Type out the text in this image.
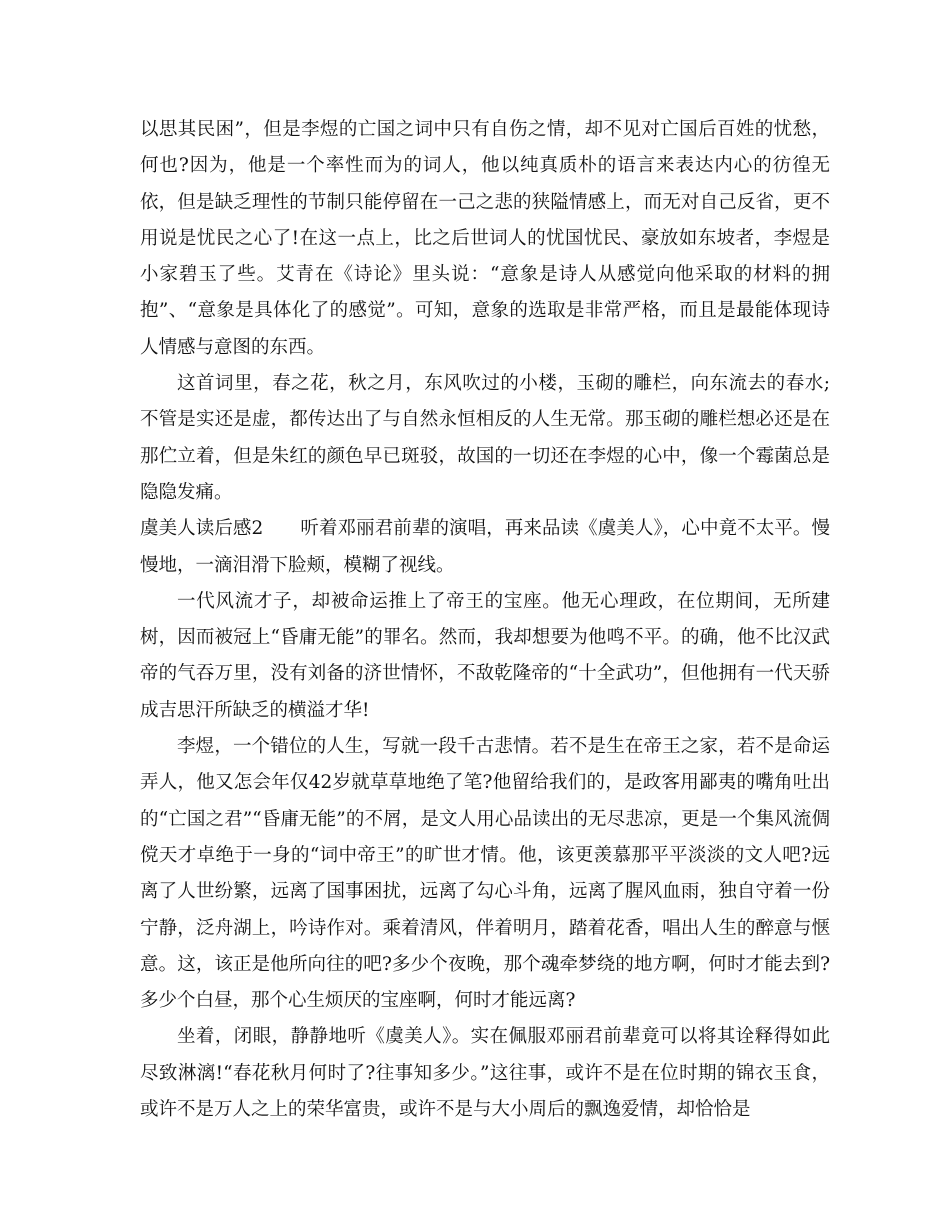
以思其民困”，但是李煜的亡国之词中只有自伤之情，却不见对亡国后百姓的忧愁，何也?因为，他是一个率性而为的词人，他以纯真质朴的语言来表达内心的彷徨无依，但是缺乏理性的节制只能停留在一己之悲的狭隘情感上，而无对自己反省，更不用说是忧民之心了!在这一点上，比之后世词人的忧国忧民、豪放如东坡者，李煜是小家碧玉了些。艾青在《诗论》里头说：“意象是诗人从感觉向他采取的材料的拥抱”、“意象是具体化了的感觉”。可知，意象的选取是非常严格，而且是最能体现诗人情感与意图的东西。

这首词里，春之花，秋之月，东风吹过的小楼，玉砌的雕栏，向东流去的春水;不管是实还是虚，都传达出了与自然永恒相反的人生无常。那玉砌的雕栏想必还是在那伫立着，但是朱红的颜色早已斑驳，故国的一切还在李煜的心中，像一个霉菌总是隐隐发痛。

虞美人读后感2 听着邓丽君前辈的演唱，再来品读《虞美人》，心中竟不太平。慢慢地，一滴泪滑下脸颊，模糊了视线。

一代风流才子，却被命运推上了帝王的宝座。他无心理政，在位期间，无所建树，因而被冠上“昏庸无能”的罪名。然而，我却想要为他鸣不平。的确，他不比汉武帝的气吞万里，没有刘备的济世情怀，不敌乾隆帝的“十全武功”，但他拥有一代天骄成吉思汗所缺乏的横溢才华!

李煜，一个错位的人生，写就一段千古悲情。若不是生在帝王之家，若不是命运弄人，他又怎会年仅42岁就草草地绝了笔?他留给我们的，是政客用鄙夷的嘴角吐出的“亡国之君”“昏庸无能”的不屑，是文人用心品读出的无尽悲凉，更是一个集风流倜傥天才卓绝于一身的“词中帝王”的旷世才情。他，该更羡慕那平平淡淡的文人吧?远离了人世纷繁，远离了国事困扰，远离了勾心斗角，远离了腥风血雨，独自守着一份宁静，泛舟湖上，吟诗作对。乘着清风，伴着明月，踏着花香，唱出人生的醉意与惬意。这，该正是他所向往的吧?多少个夜晚，那个魂牵梦绕的地方啊，何时才能去到?多少个白昼，那个心生烦厌的宝座啊，何时才能远离?

坐着，闭眼，静静地听《虞美人》。实在佩服邓丽君前辈竟可以将其诠释得如此尽致淋漓!“春花秋月何时了?往事知多少。”这往事，或许不是在位时期的锦衣玉食，或许不是万人之上的荣华富贵，或许不是与大小周后的飘逸爱情，却恰恰是
